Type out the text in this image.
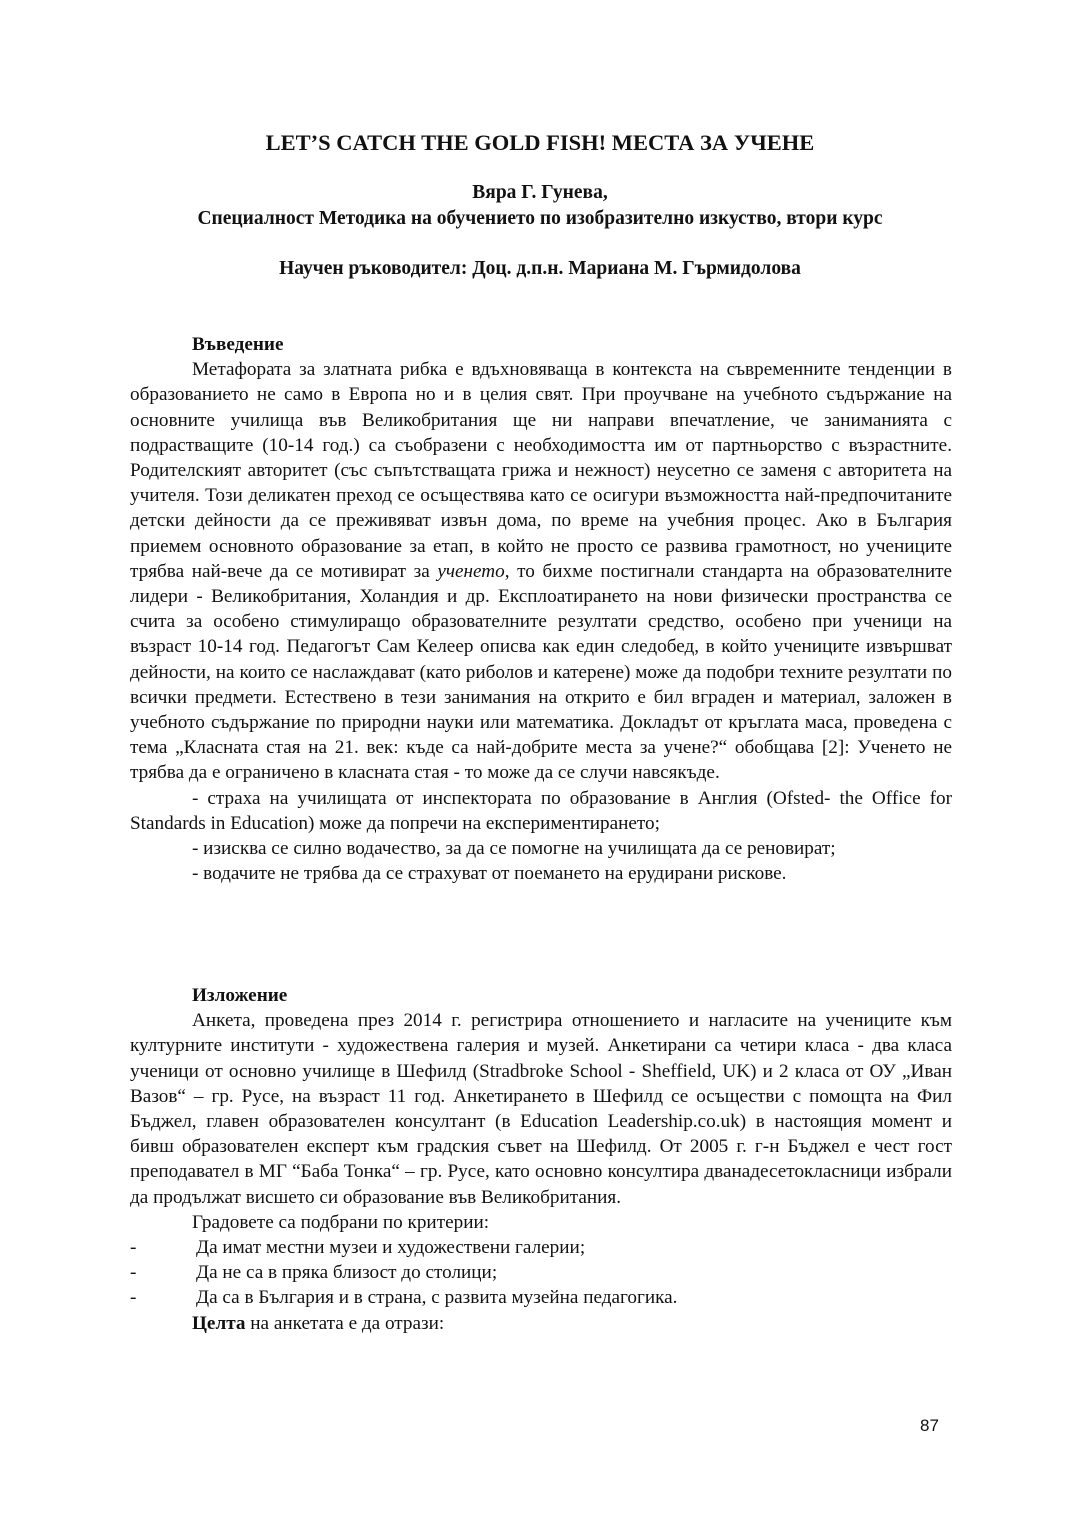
LET’S CATCH THE GOLD FISH! МЕСТА ЗА УЧЕНЕ

Вяра Г. Гунева,

Специалност Методика на обучението по изобразително изкуство, втори курс

Научен ръководител: Доц. д.п.н. Мариана М. Гърмидолова

Въведение

Метафората за златната рибка е вдъхновяваща в контекста на съвременните тенденции в образованието не само в Европа но и в целия свят. При проучване на учебното съдържание на основните училища във Великобритания ще ни направи впечатление, че заниманията с подрастващите (10-14 год.) са съобразени с необходимостта им от партньорство с възрастните. Родителският авторитет (със съпътстващата грижа и нежност) неусетно се заменя с авторитета на учителя. Този деликатен преход се осъществява като се осигури възможността най-предпочитаните детски дейности да се преживяват извън дома, по време на учебния процес. Ако в България приемем основното образование за етап, в който не просто се развива грамотност, но учениците трябва най-вече да се мотивират за ученето, то бихме постигнали стандарта на образователните лидери - Великобритания, Холандия и др. Експлоатирането на нови физически пространства се счита за особено стимулиращо образователните резултати средство, особено при ученици на възраст 10-14 год. Педагогът Сам Келеер описва как един следобед, в който учениците извършват дейности, на които се наслаждават (като риболов и катерене) може да подобри техните резултати по всички предмети. Естествено в тези занимания на открито е бил вграден и материал, заложен в учебното съдържание по природни науки или математика. Докладът от кръглата маса, проведена с тема „Класната стая на 21. век: къде са най-добрите места за учене?“ обобщава [2]: Ученето не трябва да е ограничено в класната стая - то може да се случи навсякъде.

- страха на училищата от инспектората по образование в Англия (Ofsted- the Office for Standards in Education) може да попречи на експериментирането;

- изисква се силно водачество, за да се помогне на училищата да се реновират;

- водачите не трябва да се страхуват от поемането на ерудирани рискове.

Изложение

Анкета, проведена през 2014 г. регистрира отношението и нагласите на учениците към културните институти - художествена галерия и музей. Анкетирани са четири класа - два класа ученици от основно училище в Шефилд (Stradbroke School - Sheffield, UK) и 2 класа от ОУ „Иван Вазов“ – гр. Русе, на възраст 11 год. Анкетирането в Шефилд се осъществи с помощта на Фил Бъджел, главен образователен консултант (в Education Leadership.co.uk) в настоящия момент и бивш образователен експерт към градския съвет на Шефилд. От 2005 г. г-н Бъджел е чест гост преподавател в МГ “Баба Тонка“ – гр. Русе, като основно консултира дванадесетокласници избрали да продължат висшето си образование във Великобритания.

Градовете са подбрани по критерии:

-	Да имат местни музеи и художествени галерии;
-	Да не са в пряка близост до столици;
-	Да са в България и в страна, с развита музейна педагогика.

Целта на анкетата е да отрази:

87
